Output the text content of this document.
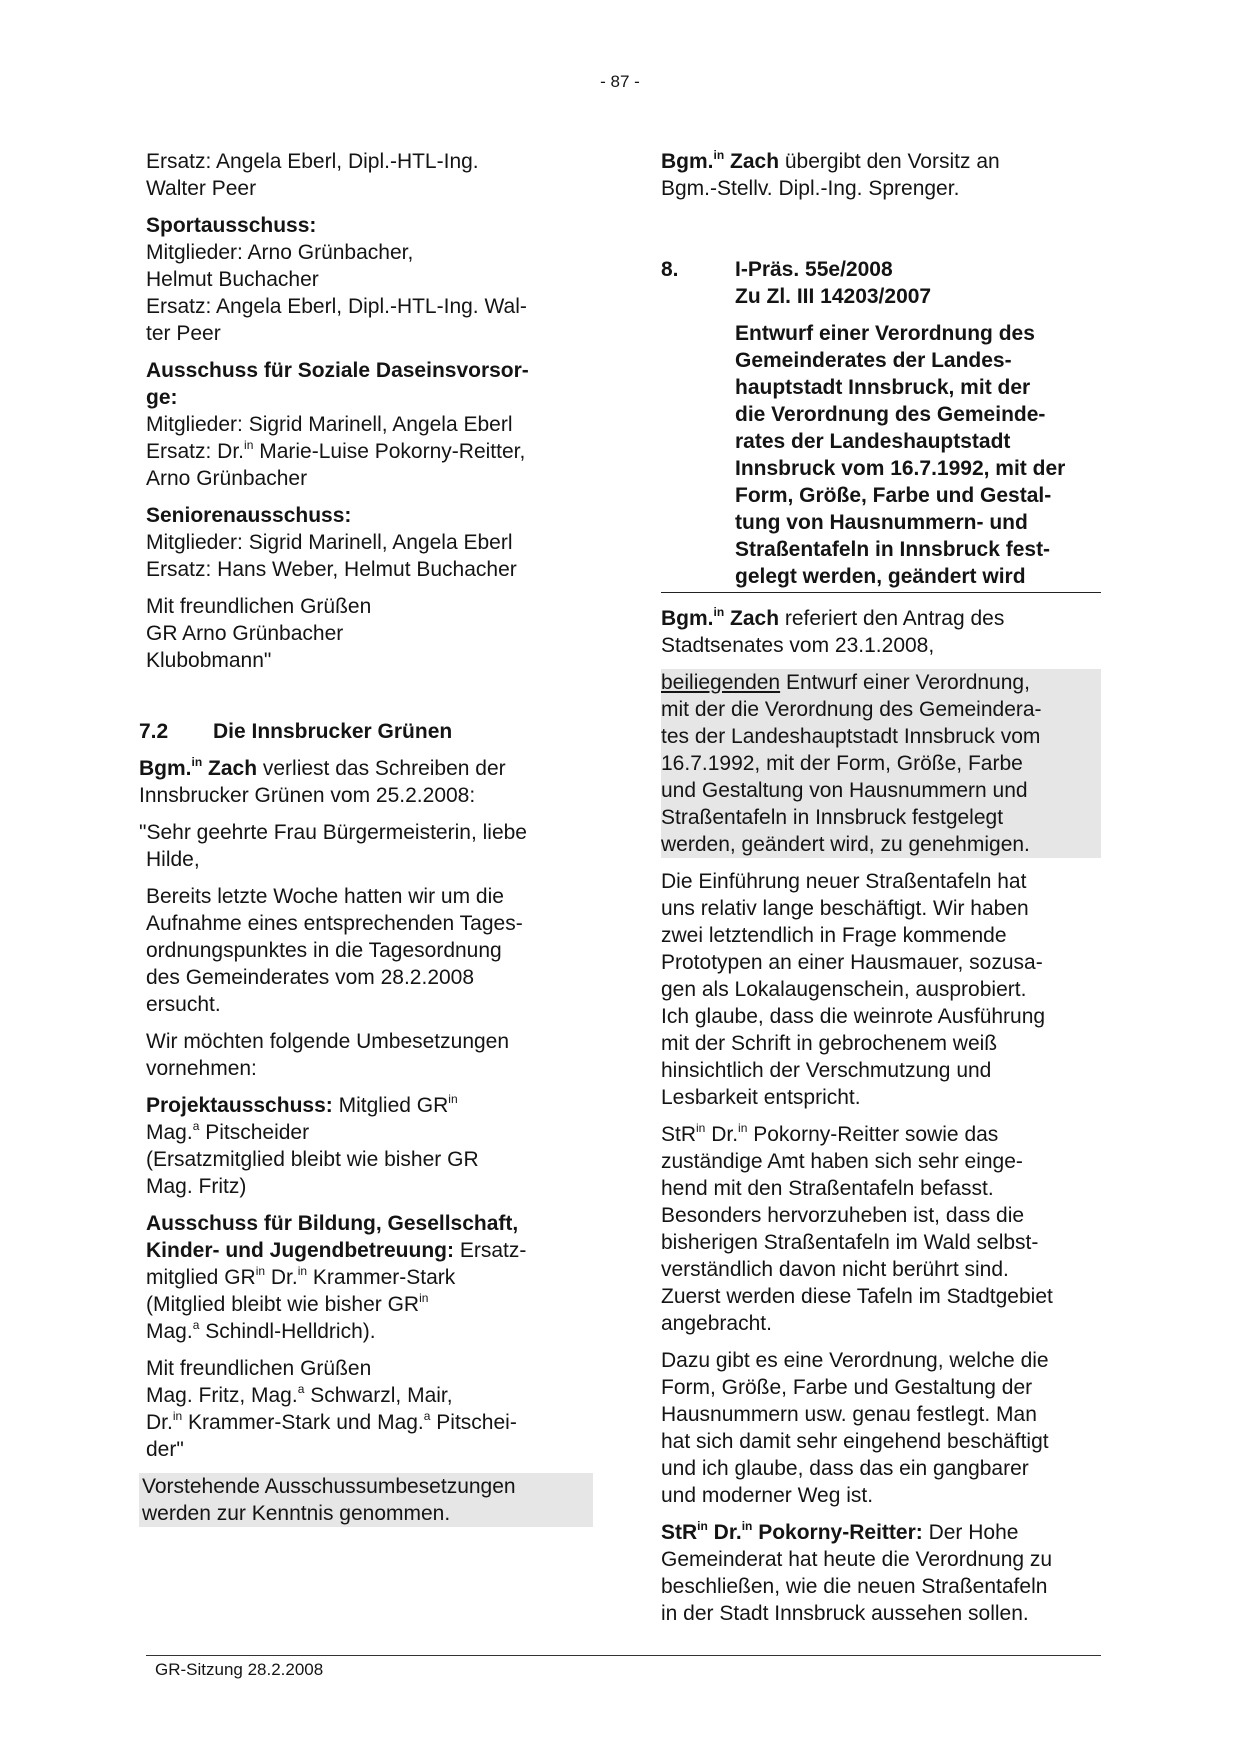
- 87 -

Ersatz: Angela Eberl, Dipl.-HTL-Ing.
Walter Peer

Sportausschuss:
Mitglieder: Arno Grünbacher,
Helmut Buchacher
Ersatz: Angela Eberl, Dipl.-HTL-Ing. Wal-
ter Peer

Ausschuss für Soziale Daseinsvorsor-
ge:
Mitglieder: Sigrid Marinell, Angela Eberl
Ersatz: Dr.$^{in}$ Marie-Luise Pokorny-Reitter,
Arno Grünbacher

Seniorenausschuss:
Mitglieder: Sigrid Marinell, Angela Eberl
Ersatz: Hans Weber, Helmut Buchacher

Mit freundlichen Grüßen
GR Arno Grünbacher
Klubobmann"

7.2	Die Innsbrucker Grünen

Bgm.$^{in}$ Zach verliest das Schreiben der
Innsbrucker Grünen vom 25.2.2008:

"Sehr geehrte Frau Bürgermeisterin, liebe
Hilde,

Bereits letzte Woche hatten wir um die
Aufnahme eines entsprechenden Tages-
ordnungspunktes in die Tagesordnung
des Gemeinderates vom 28.2.2008
ersucht.

Wir möchten folgende Umbesetzungen
vornehmen:

Projektausschuss: Mitglied $GR^{in}$
Mag.$^a$ Pitscheider
(Ersatzmitglied bleibt wie bisher GR
Mag. Fritz)

Ausschuss für Bildung, Gesellschaft,
Kinder- und Jugendbetreuung: Ersatz-
mitglied $GR^{in}$ Dr.$^{in}$ Krammer-Stark
(Mitglied bleibt wie bisher $GR^{in}$
Mag.$^a$ Schindl-Helldrich).

Mit freundlichen Grüßen
Mag. Fritz, Mag.$^a$ Schwarzl, Mair,
Dr.$^{in}$ Krammer-Stark und Mag.$^a$ Pitschei-
der"

Vorstehende Ausschussumbesetzungen
werden zur Kenntnis genommen.

Bgm.$^{in}$ Zach übergibt den Vorsitz an
Bgm.-Stellv. Dipl.-Ing. Sprenger.

8.	I-Präs. 55e/2008
Zu Zl. III 14203/2007
Entwurf einer Verordnung des
Gemeinderates der Landes-
hauptstadt Innsbruck, mit der
die Verordnung des Gemeinde-
rates der Landeshauptstadt
Innsbruck vom 16.7.1992, mit der
Form, Größe, Farbe und Gestal-
tung von Hausnummern- und
Straßentafeln in Innsbruck fest-
gelegt werden, geändert wird

Bgm.$^{in}$ Zach referiert den Antrag des
Stadtsenates vom 23.1.2008,

beiliegenden Entwurf einer Verordnung,
mit der die Verordnung des Gemeindera-
tes der Landeshauptstadt Innsbruck vom
16.7.1992, mit der Form, Größe, Farbe
und Gestaltung von Hausnummern und
Straßentafeln in Innsbruck festgelegt
werden, geändert wird, zu genehmigen.

Die Einführung neuer Straßentafeln hat
uns relativ lange beschäftigt. Wir haben
zwei letztendlich in Frage kommende
Prototypen an einer Hausmauer, sozusa-
gen als Lokalaugenschein, ausprobiert.
Ich glaube, dass die weinrote Ausführung
mit der Schrift in gebrochenem weiß
hinsichtlich der Verschmutzung und
Lesbarkeit entspricht.

StR$^{in}$ Dr.$^{in}$ Pokorny-Reitter sowie das
zuständige Amt haben sich sehr einge-
hend mit den Straßentafeln befasst.
Besonders hervorzuheben ist, dass die
bisherigen Straßentafeln im Wald selbst-
verständlich davon nicht berührt sind.
Zuerst werden diese Tafeln im Stadtgebiet
angebracht.

Dazu gibt es eine Verordnung, welche die
Form, Größe, Farbe und Gestaltung der
Hausnummern usw. genau festlegt. Man
hat sich damit sehr eingehend beschäftigt
und ich glaube, dass das ein gangbarer
und moderner Weg ist.

StR$^{in}$ Dr.$^{in}$ Pokorny-Reitter: Der Hohe
Gemeinderat hat heute die Verordnung zu
beschließen, wie die neuen Straßentafeln
in der Stadt Innsbruck aussehen sollen.

GR-Sitzung 28.2.2008
